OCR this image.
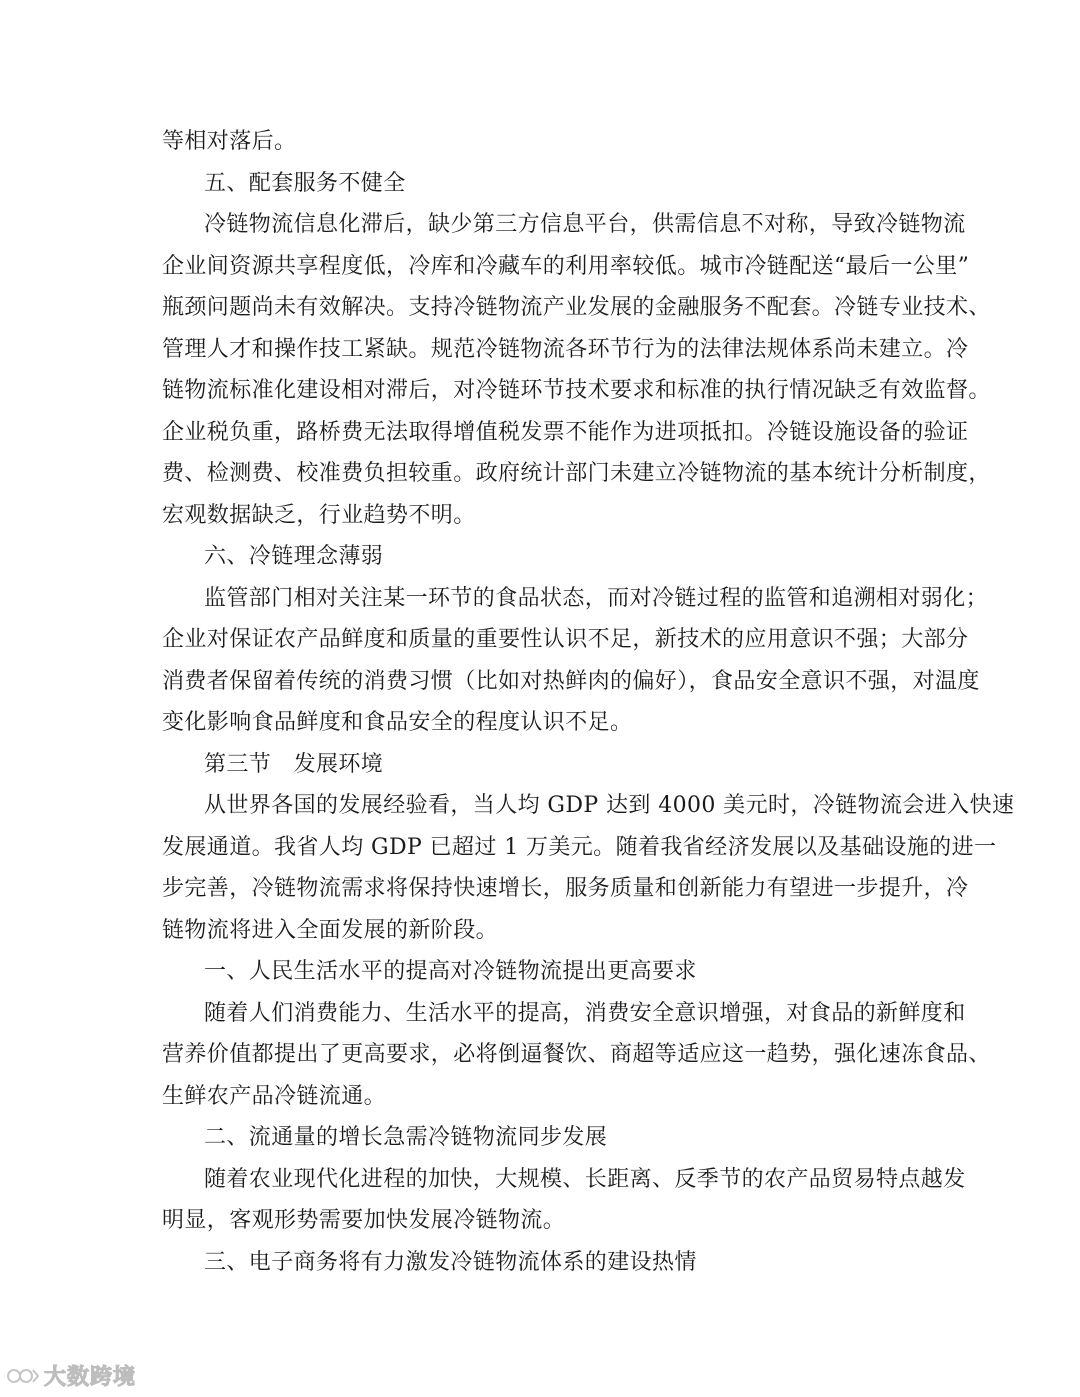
等相对落后。
五、配套服务不健全
冷链物流信息化滞后，缺少第三方信息平台，供需信息不对称，导致冷链物流
企业间资源共享程度低，冷库和冷藏车的利用率较低。城市冷链配送“最后一公里”
瓶颈问题尚未有效解决。支持冷链物流产业发展的金融服务不配套。冷链专业技术、
管理人才和操作技工紧缺。规范冷链物流各环节行为的法律法规体系尚未建立。冷
链物流标准化建设相对滞后，对冷链环节技术要求和标准的执行情况缺乏有效监督。
企业税负重，路桥费无法取得增值税发票不能作为进项抵扣。冷链设施设备的验证
费、检测费、校准费负担较重。政府统计部门未建立冷链物流的基本统计分析制度，
宏观数据缺乏，行业趋势不明。
六、冷链理念薄弱
监管部门相对关注某一环节的食品状态，而对冷链过程的监管和追溯相对弱化；
企业对保证农产品鲜度和质量的重要性认识不足，新技术的应用意识不强；大部分
消费者保留着传统的消费习惯（比如对热鲜肉的偏好），食品安全意识不强，对温度
变化影响食品鲜度和食品安全的程度认识不足。
第三节　发展环境
从世界各国的发展经验看，当人均 GDP 达到 4000 美元时，冷链物流会进入快速
发展通道。我省人均 GDP 已超过 1 万美元。随着我省经济发展以及基础设施的进一
步完善，冷链物流需求将保持快速增长，服务质量和创新能力有望进一步提升，冷
链物流将进入全面发展的新阶段。
一、人民生活水平的提高对冷链物流提出更高要求
随着人们消费能力、生活水平的提高，消费安全意识增强，对食品的新鲜度和
营养价值都提出了更高要求，必将倒逼餐饮、商超等适应这一趋势，强化速冻食品、
生鲜农产品冷链流通。
二、流通量的增长急需冷链物流同步发展
随着农业现代化进程的加快，大规模、长距离、反季节的农产品贸易特点越发
明显，客观形势需要加快发展冷链物流。
三、电子商务将有力激发冷链物流体系的建设热情
大数跨境
